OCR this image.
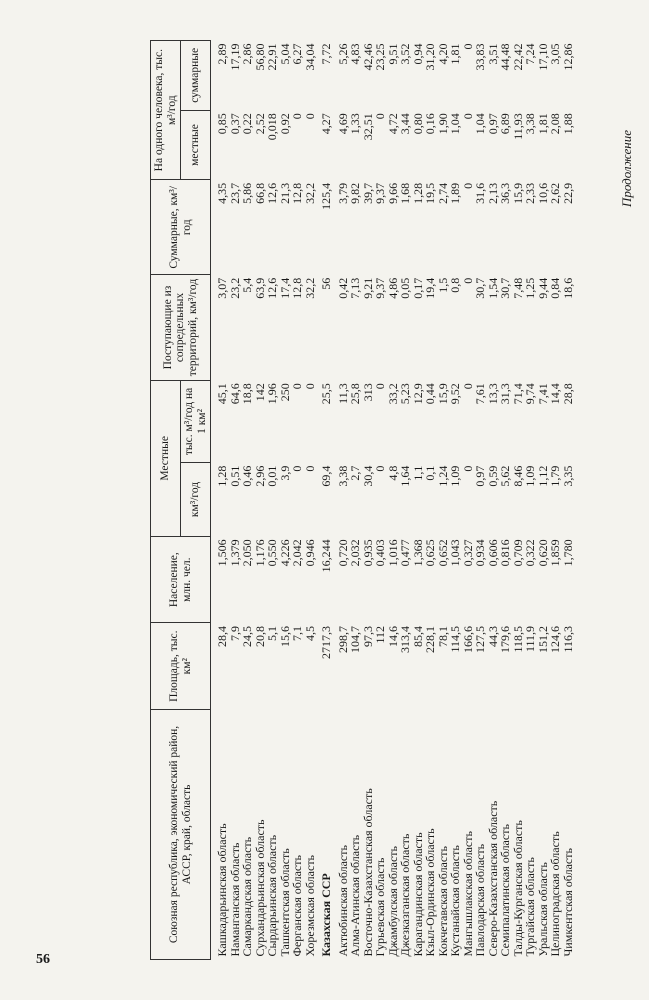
Продолжение
Союзная республика, экономический район, АССР, край, область	Площадь, тыс. км²	Население, млн. чел.	Местные		Поступающие из сопредельных территорий, км³/год	Суммарные, км³/год	На одного человека, тыс. м³/год	
			км³/год	тыс. м³/год на 1 км²			местные	суммарные
Кашкадарьинская область	28,4	1,506	1,28	45,1	3,07	4,35	0,85	2,89
Наманганская область	7,9	1,379	0,51	64,6	23,2	23,7	0,37	17,19
Самаркандская область	24,5	2,050	0,46	18,8	5,4	5,86	0,22	2,86
Сурхандарьинская область	20,8	1,176	2,96	142	63,9	66,8	2,52	56,80
Сырдарьинская область	5,1	0,550	0,01	1,96	12,6	12,6	0,018	22,91
Ташкентская область	15,6	4,226	3,9	250	17,4	21,3	0,92	5,04
Ферганская область	7,1	2,042	0	0	12,8	12,8	0	6,27
Хорезмская область	4,5	0,946	0	0	32,2	32,2	0	34,04
Казахская ССР	2717,3	16,244	69,4	25,5	56	125,4	4,27	7,72
Актюбинская область	298,7	0,720	3,38	11,3	0,42	3,79	4,69	5,26
Алма-Атинская область	104,7	2,032	2,7	25,8	7,13	9,82	1,33	4,83
Восточно-Казахстанская область	97,3	0,935	30,4	313	9,21	39,7	32,51	42,46
Гурьевская область	112	0,403	0	0	9,37	9,37	0	23,25
Джамбулская область	14,6	1,016	4,8	33,2	4,86	9,66	4,72	9,51
Джезказганская область	313,4	0,477	1,64	5,23	0,05	1,68	3,44	3,52
Карагандинская область	85,4	1,368	1,1	12,9	0,17	1,28	0,80	0,94
Кзыл-Ординская область	228,1	0,625	0,1	0,44	19,4	19,5	0,16	31,20
Кокчетавская область	78,1	0,652	1,24	15,9	1,5	2,74	1,90	4,20
Кустанайская область	114,5	1,043	1,09	9,52	0,8	1,89	1,04	1,81
Мангышлакская область	166,6	0,327	0	0	0	0	0	0
Павлодарская область	127,5	0,934	0,97	7,61	30,7	31,6	1,04	33,83
Северо-Казахстанская область	44,3	0,606	0,59	13,3	1,54	2,13	0,97	3,51
Семипалатинская область	179,6	0,816	5,62	31,3	30,7	36,3	6,89	44,48
Талды-Курганская область	118,5	0,709	8,46	71,4	7,48	15,9	11,93	22,42
Тургайская область	111,9	0,322	1,09	9,74	1,25	2,33	3,38	7,24
Уральская область	151,2	0,620	1,12	7,41	9,44	10,6	1,81	17,10
Целиноградская область	124,6	1,859	1,79	14,4	0,84	2,62	2,08	3,05
Чимкентская область	116,3	1,780	3,35	28,8	18,6	22,9	1,88	12,86
56
